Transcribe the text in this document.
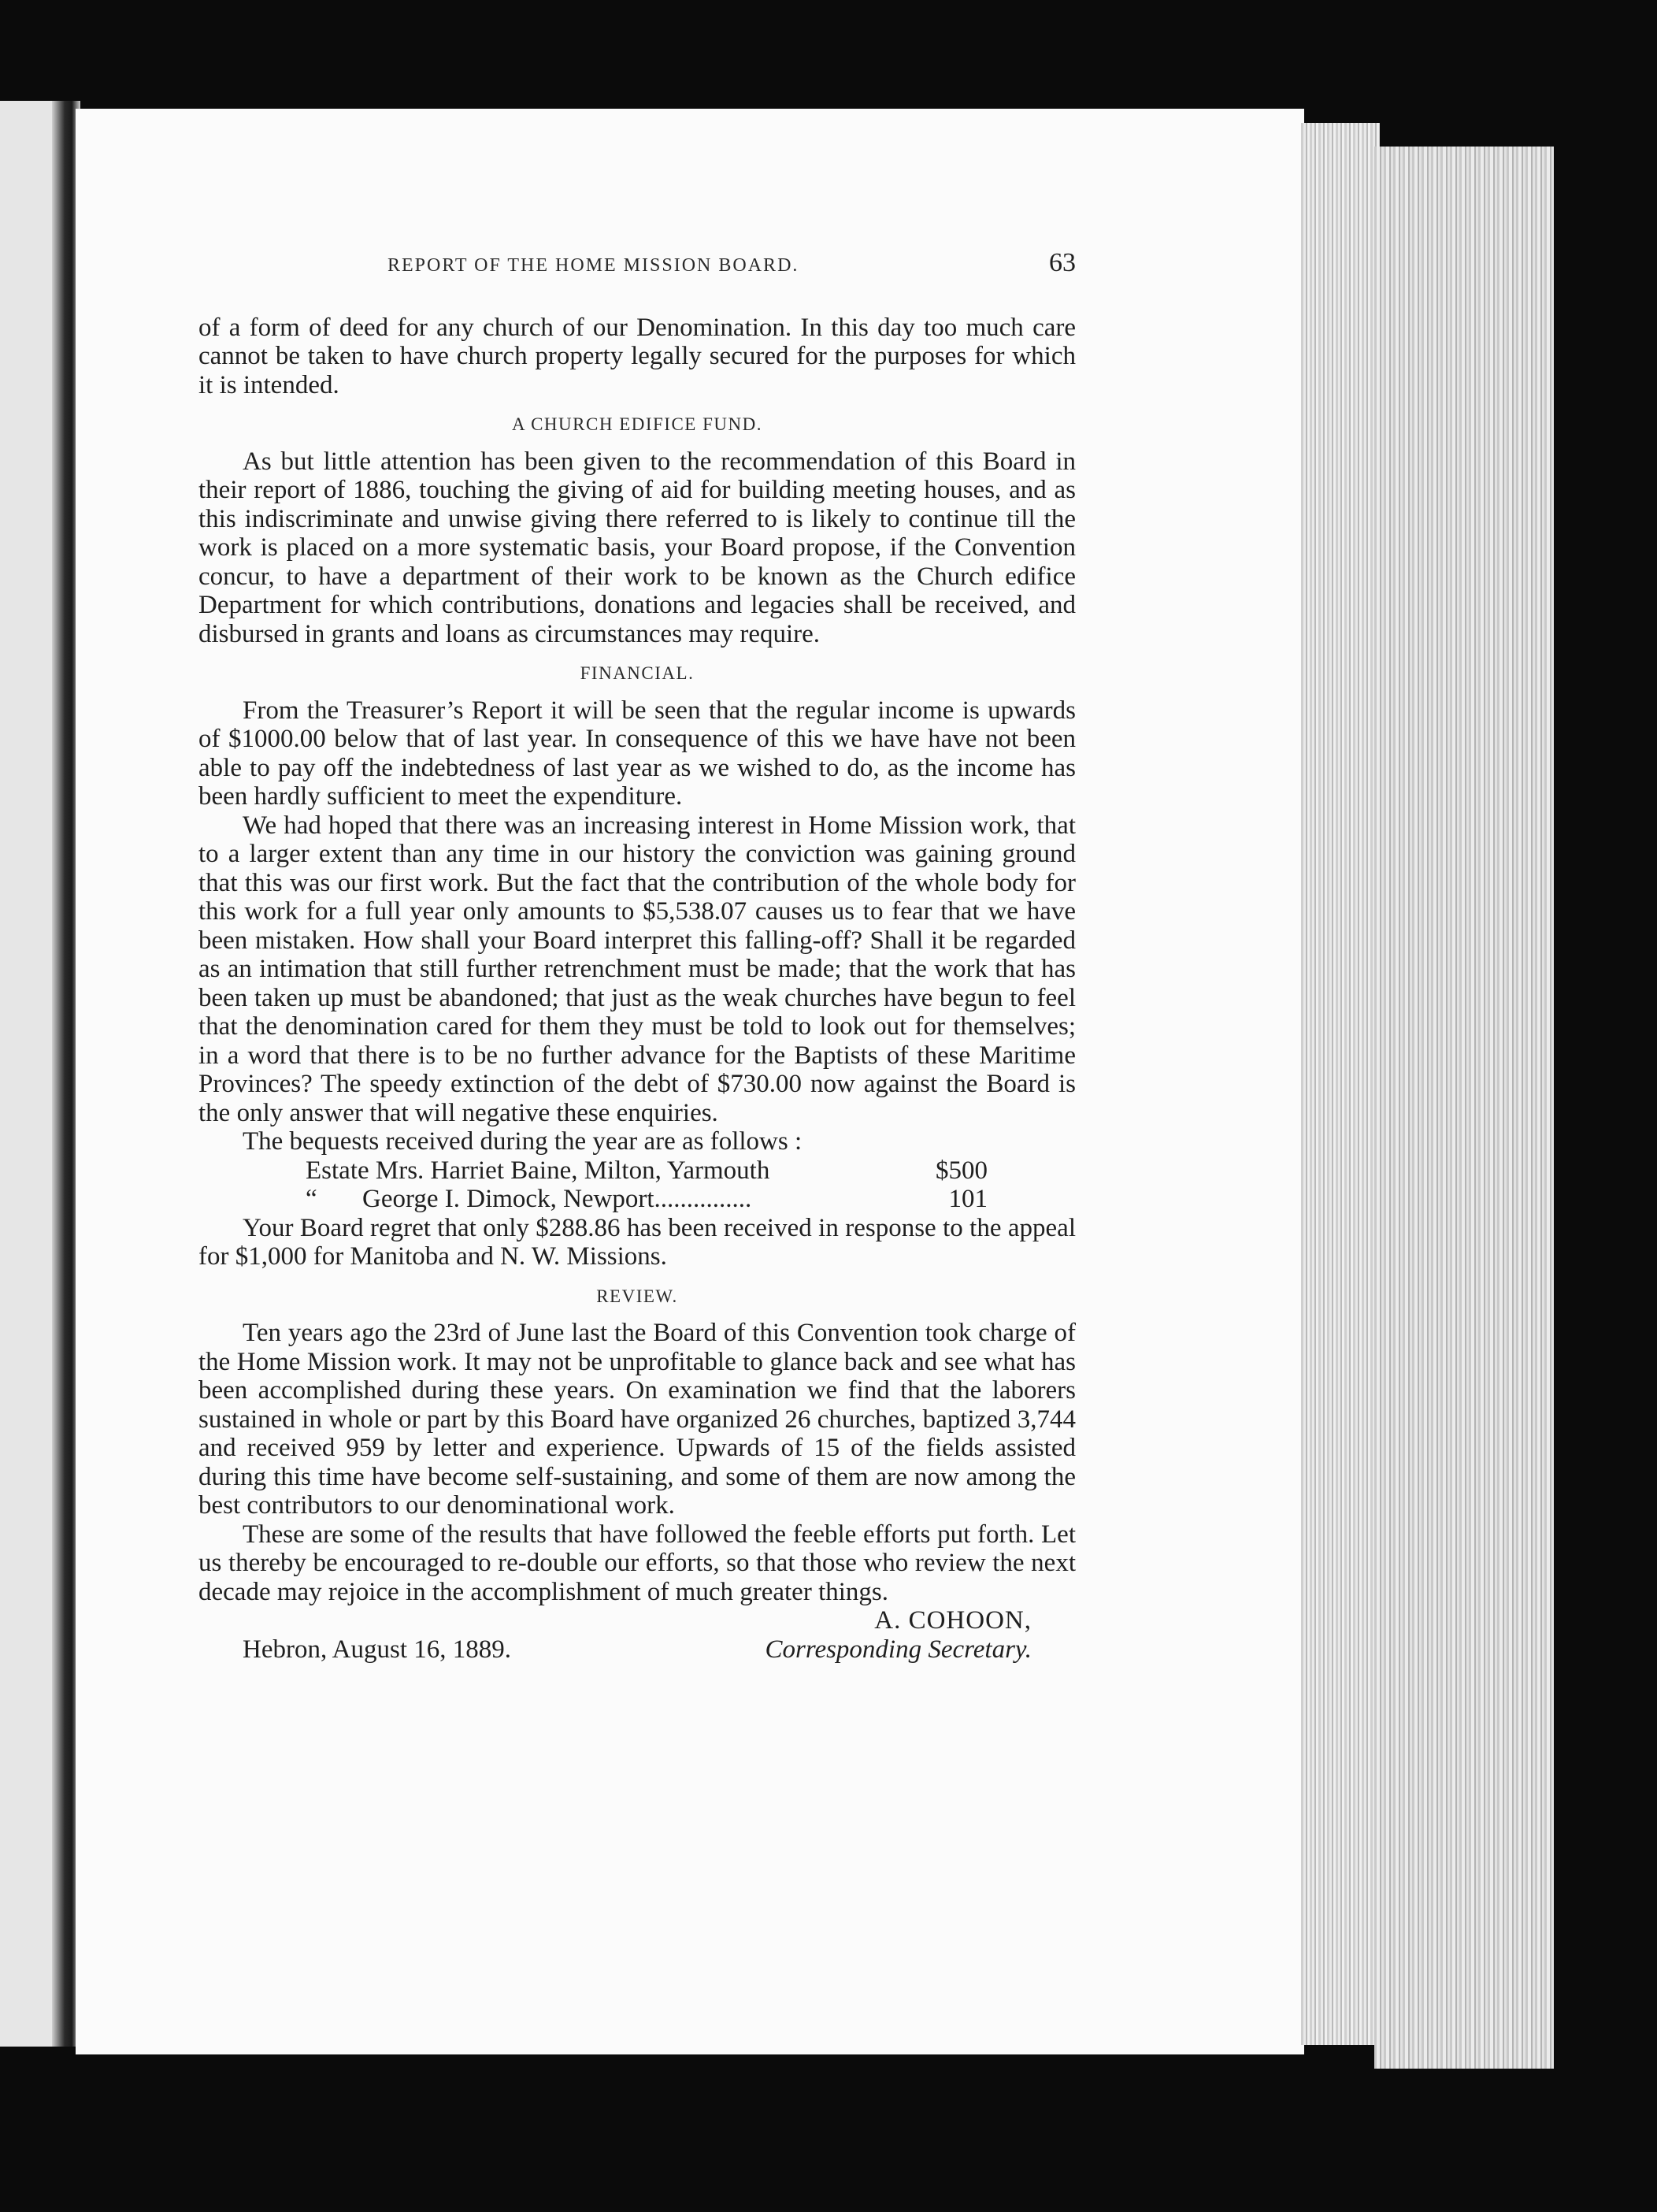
REPORT OF THE HOME MISSION BOARD.	63

of a form of deed for any church of our Denomination. In this day too much care cannot be taken to have church property legally secured for the purposes for which it is intended.

A CHURCH EDIFICE FUND.

As but little attention has been given to the recommendation of this Board in their report of 1886, touching the giving of aid for building meeting houses, and as this indiscriminate and unwise giving there referred to is likely to continue till the work is placed on a more systematic basis, your Board propose, if the Convention concur, to have a department of their work to be known as the Church edifice Department for which contributions, donations and legacies shall be received, and disbursed in grants and loans as circumstances may require.

FINANCIAL.

From the Treasurer’s Report it will be seen that the regular income is upwards of $1000.00 below that of last year. In consequence of this we have have not been able to pay off the indebtedness of last year as we wished to do, as the income has been hardly sufficient to meet the expenditure.

We had hoped that there was an increasing interest in Home Mission work, that to a larger extent than any time in our history the conviction was gaining ground that this was our first work. But the fact that the contribution of the whole body for this work for a full year only amounts to $5,538.07 causes us to fear that we have been mistaken. How shall your Board interpret this falling-off? Shall it be regarded as an intimation that still further retrenchment must be made; that the work that has been taken up must be abandoned; that just as the weak churches have begun to feel that the denomination cared for them they must be told to look out for themselves; in a word that there is to be no further advance for the Baptists of these Maritime Provinces? The speedy extinction of the debt of $730.00 now against the Board is the only answer that will negative these enquiries.

The bequests received during the year are as follows :

Estate Mrs. Harriet Baine, Milton, Yarmouth	$500
“ George I. Dimock, Newport...............	101

Your Board regret that only $288.86 has been received in response to the appeal for $1,000 for Manitoba and N. W. Missions.

REVIEW.

Ten years ago the 23rd of June last the Board of this Convention took charge of the Home Mission work. It may not be unprofitable to glance back and see what has been accomplished during these years. On examination we find that the laborers sustained in whole or part by this Board have organized 26 churches, baptized 3,744 and received 959 by letter and experience. Upwards of 15 of the fields assisted during this time have become self-sustaining, and some of them are now among the best contributors to our denominational work.

These are some of the results that have followed the feeble efforts put forth. Let us thereby be encouraged to re-double our efforts, so that those who review the next decade may rejoice in the accomplishment of much greater things.

A. COHOON,
Hebron, August 16, 1889.	Corresponding Secretary.
